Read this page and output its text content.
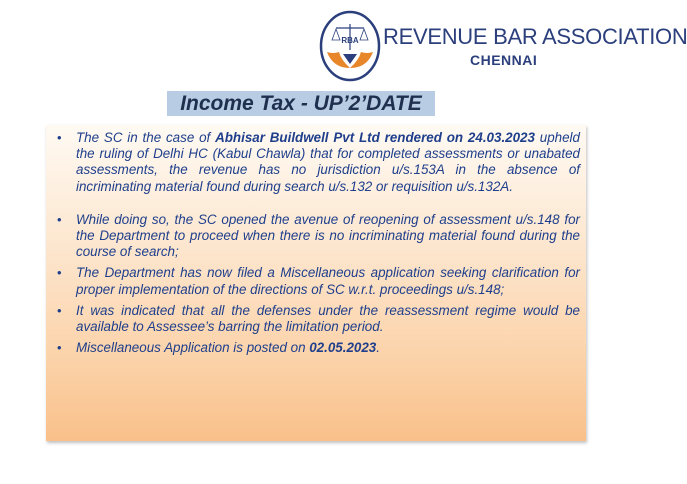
RBA REVENUE BAR ASSOCIATION
CHENNAI
Income Tax - UP’2’DATE
• The SC in the case of Abhisar Buildwell Pvt Ltd rendered on 24.03.2023 upheld the ruling of Delhi HC (Kabul Chawla) that for completed assessments or unabated assessments, the revenue has no jurisdiction u/s.153A in the absence of incriminating material found during search u/s.132 or requisition u/s.132A.
• While doing so, the SC opened the avenue of reopening of assessment u/s.148 for the Department to proceed when there is no incriminating material found during the course of search;
• The Department has now filed a Miscellaneous application seeking clarification for proper implementation of the directions of SC w.r.t. proceedings u/s.148;
• It was indicated that all the defenses under the reassessment regime would be available to Assessee’s barring the limitation period.
• Miscellaneous Application is posted on 02.05.2023.
